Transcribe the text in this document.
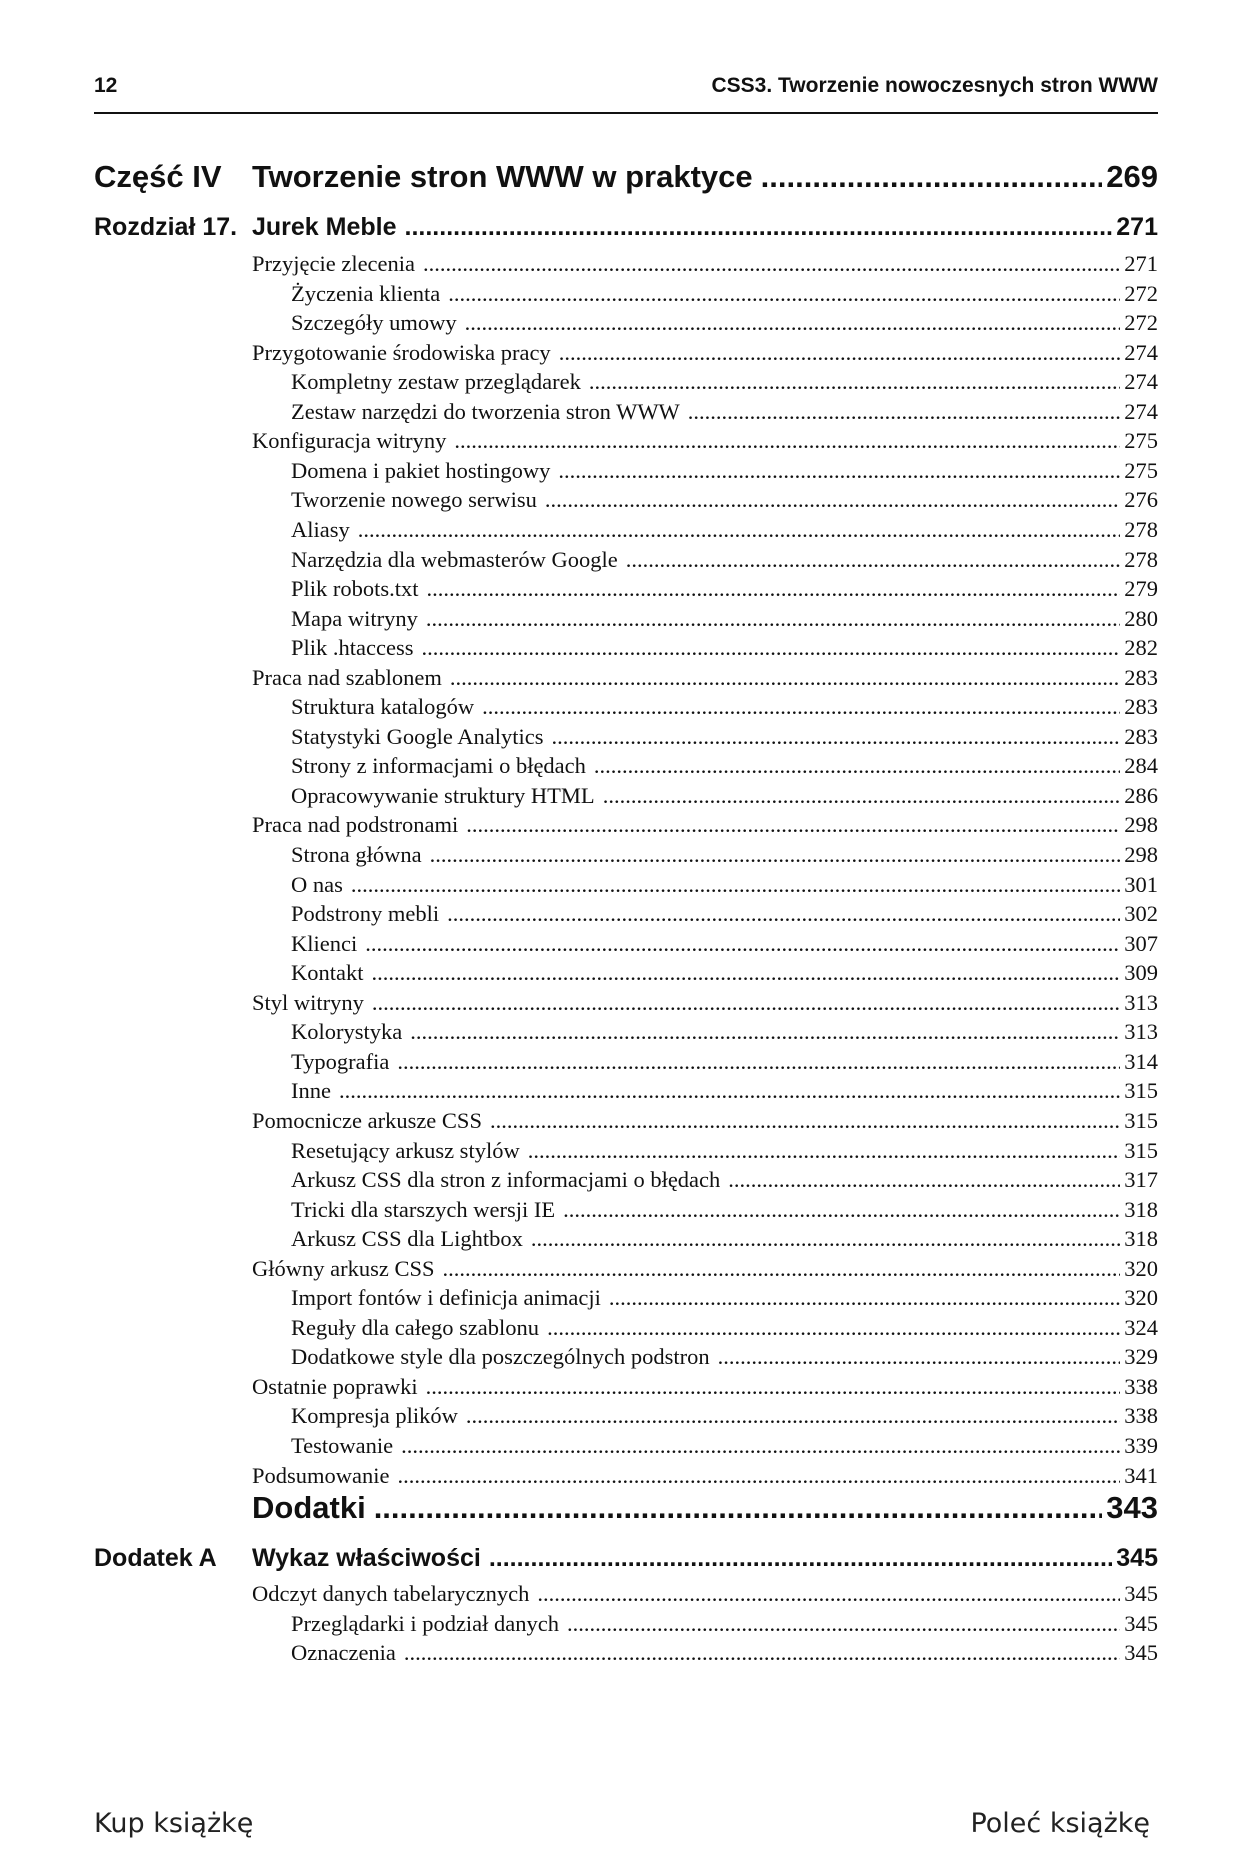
12	CSS3. Tworzenie nowoczesnych stron WWW
Część IV Tworzenie stron WWW w praktyce .....	269
Rozdział 17. Jurek Meble .....	271
Przyjęcie zlecenia .....	271
Życzenia klienta .....	272
Szczegóły umowy .....	272
Przygotowanie środowiska pracy .....	274
Kompletny zestaw przeglądarek .....	274
Zestaw narzędzi do tworzenia stron WWW .....	274
Konfiguracja witryny .....	275
Domena i pakiet hostingowy .....	275
Tworzenie nowego serwisu .....	276
Aliasy .....	278
Narzędzia dla webmasterów Google .....	278
Plik robots.txt .....	279
Mapa witryny .....	280
Plik .htaccess .....	282
Praca nad szablonem .....	283
Struktura katalogów .....	283
Statystyki Google Analytics .....	283
Strony z informacjami o błędach .....	284
Opracowywanie struktury HTML .....	286
Praca nad podstronami .....	298
Strona główna .....	298
O nas .....	301
Podstrony mebli .....	302
Klienci .....	307
Kontakt .....	309
Styl witryny .....	313
Kolorystyka .....	313
Typografia .....	314
Inne .....	315
Pomocnicze arkusze CSS .....	315
Resetujący arkusz stylów .....	315
Arkusz CSS dla stron z informacjami o błędach .....	317
Tricki dla starszych wersji IE .....	318
Arkusz CSS dla Lightbox .....	318
Główny arkusz CSS .....	320
Import fontów i definicja animacji .....	320
Reguły dla całego szablonu .....	324
Dodatkowe style dla poszczególnych podstron .....	329
Ostatnie poprawki .....	338
Kompresja plików .....	338
Testowanie .....	339
Podsumowanie .....	341
Dodatki .....	343
Dodatek A Wykaz właściwości .....	345
Odczyt danych tabelarycznych .....	345
Przeglądarki i podział danych .....	345
Oznaczenia .....	345
Kup książkę	Poleć książkę
